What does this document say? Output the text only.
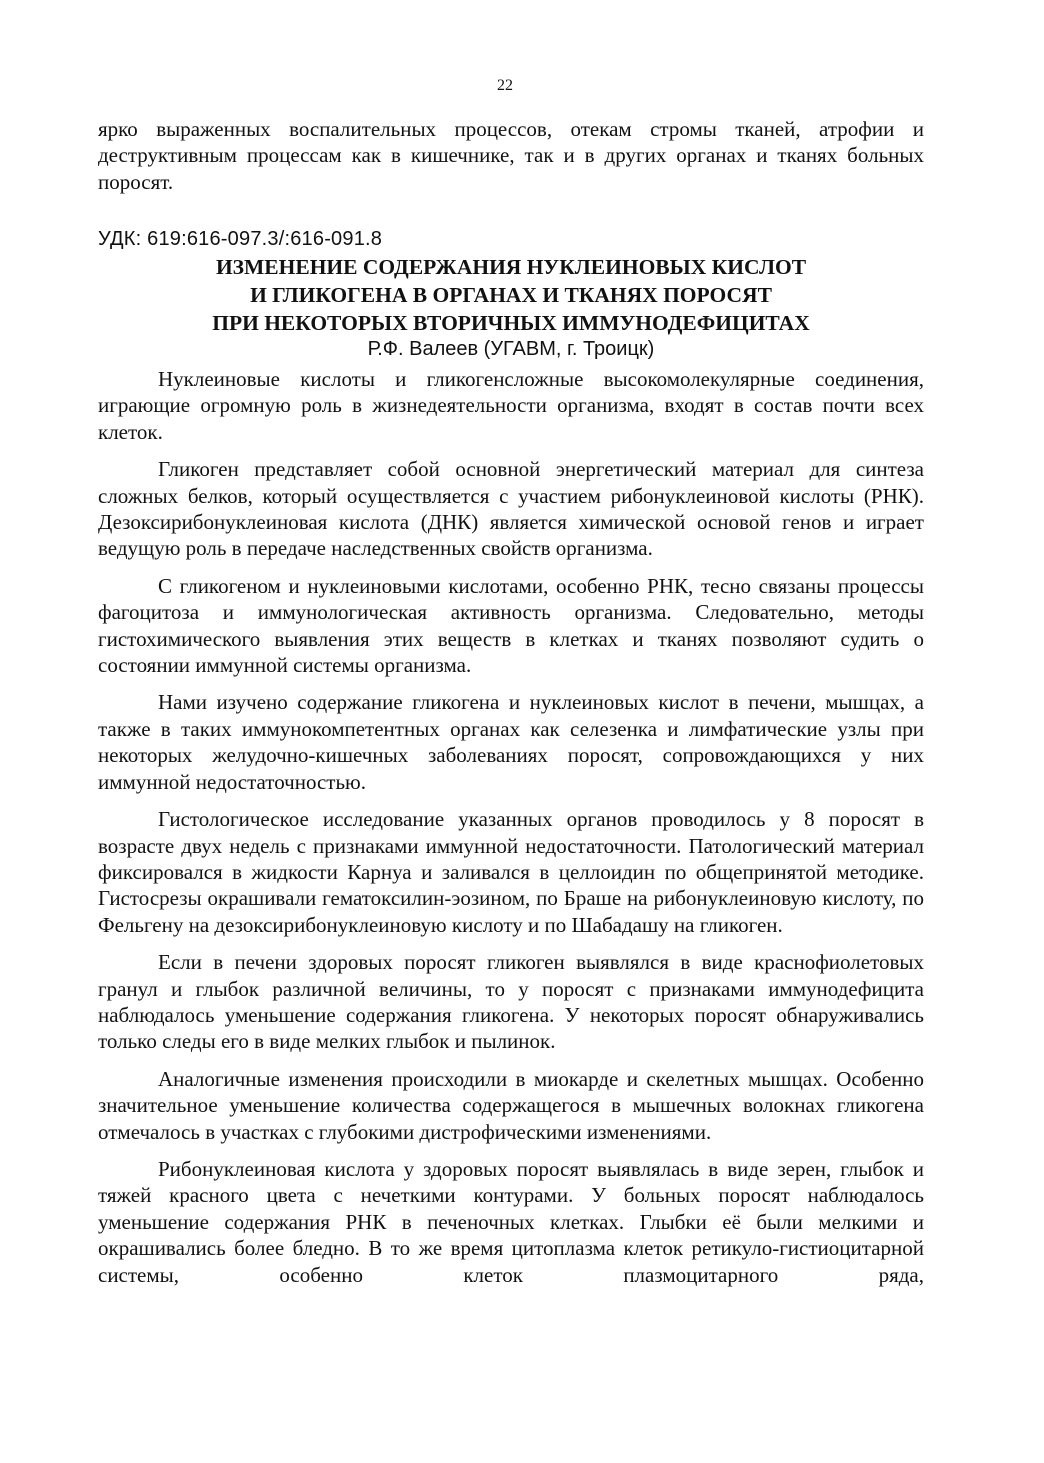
22

ярко выраженных воспалительных процессов, отекам стромы тканей, атрофии и деструктивным процессам как в кишечнике, так и в других органах и тканях больных поросят.

УДК: 619:616-097.3/:616-091.8
ИЗМЕНЕНИЕ СОДЕРЖАНИЯ НУКЛЕИНОВЫХ КИСЛОТ
И ГЛИКОГЕНА В ОРГАНАХ И ТКАНЯХ ПОРОСЯТ
ПРИ НЕКОТОРЫХ ВТОРИЧНЫХ ИММУНОДЕФИЦИТАХ
Р.Ф. Валеев (УГАВМ, г. Троицк)

Нуклеиновые кислоты и гликогенсложные высокомолекулярные соединения, играющие огромную роль в жизнедеятельности организма, входят в состав почти всех клеток.

Гликоген представляет собой основной энергетический материал для синтеза сложных белков, который осуществляется с участием рибонуклеиновой кислоты (РНК). Дезоксирибонуклеиновая кислота (ДНК) является химической основой генов и играет ведущую роль в передаче наследственных свойств организма.

С гликогеном и нуклеиновыми кислотами, особенно РНК, тесно связаны процессы фагоцитоза и иммунологическая активность организма. Следовательно, методы гистохимического выявления этих веществ в клетках и тканях позволяют судить о состоянии иммунной системы организма.

Нами изучено содержание гликогена и нуклеиновых кислот в печени, мышцах, а также в таких иммунокомпетентных органах как селезенка и лимфатические узлы при некоторых желудочно-кишечных заболеваниях поросят, сопровождающихся у них иммунной недостаточностью.

Гистологическое исследование указанных органов проводилось у 8 поросят в возрасте двух недель с признаками иммунной недостаточности. Патологический материал фиксировался в жидкости Карнуа и заливался в целлоидин по общепринятой методике. Гистосрезы окрашивали гематоксилин-эозином, по Браше на рибонуклеиновую кислоту, по Фельгену на дезоксирибонуклеиновую кислоту и по Шабадашу на гликоген.

Если в печени здоровых поросят гликоген выявлялся в виде краснофиолетовых гранул и глыбок различной величины, то у поросят с признаками иммунодефицита наблюдалось уменьшение содержания гликогена. У некоторых поросят обнаруживались только следы его в виде мелких глыбок и пылинок.

Аналогичные изменения происходили в миокарде и скелетных мышцах. Особенно значительное уменьшение количества содержащегося в мышечных волокнах гликогена отмечалось в участках с глубокими дистрофическими изменениями.

Рибонуклеиновая кислота у здоровых поросят выявлялась в виде зерен, глыбок и тяжей красного цвета с нечеткими контурами. У больных поросят наблюдалось уменьшение содержания РНК в печеночных клетках. Глыбки её были мелкими и окрашивались более бледно. В то же время цитоплазма клеток ретикуло-гистиоцитарной системы, особенно клеток плазмоцитарного ряда,
